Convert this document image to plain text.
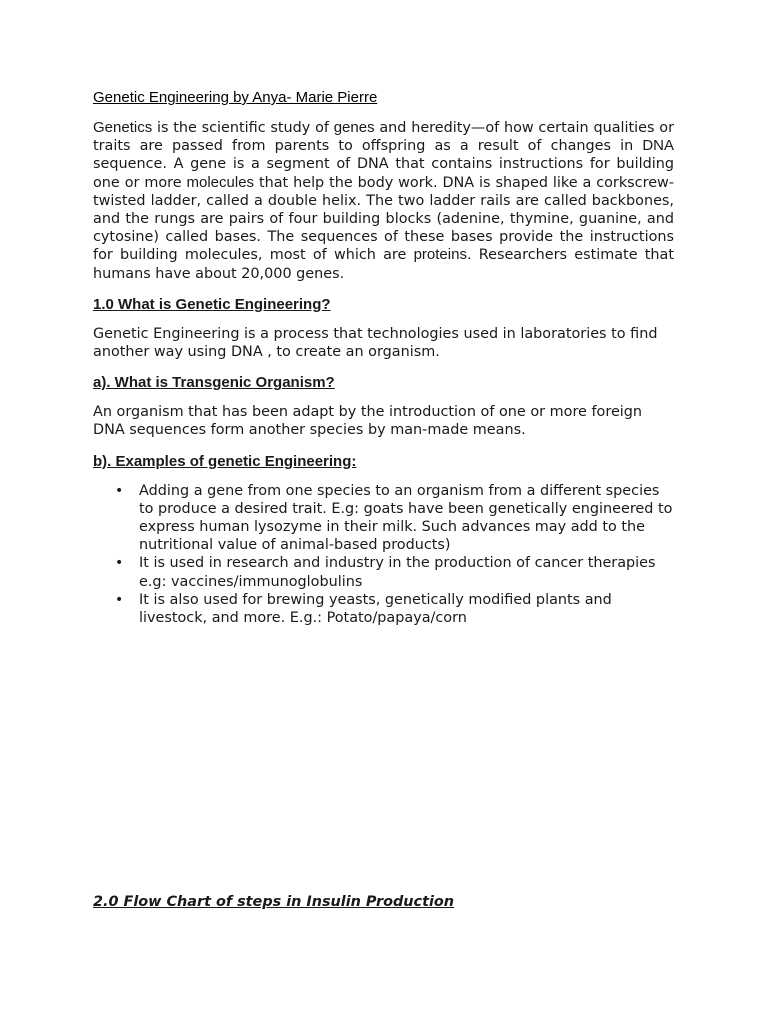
Genetic Engineering by Anya- Marie Pierre

Genetics is the scientific study of genes and heredity—of how certain qualities or traits are passed from parents to offspring as a result of changes in DNA sequence. A gene is a segment of DNA that contains instructions for building one or more molecules that help the body work. DNA is shaped like a corkscrew-twisted ladder, called a double helix. The two ladder rails are called backbones, and the rungs are pairs of four building blocks (adenine, thymine, guanine, and cytosine) called bases. The sequences of these bases provide the instructions for building molecules, most of which are proteins. Researchers estimate that humans have about 20,000 genes.

1.0 What is Genetic Engineering?

Genetic Engineering is a process that technologies used in laboratories to find another way using DNA , to create an organism.

a). What is Transgenic Organism?

An organism that has been adapt by the introduction of one or more foreign DNA sequences form another species by man-made means.

b). Examples of genetic Engineering:

• Adding a gene from one species to an organism from a different species to produce a desired trait. E.g: goats have been genetically engineered to express human lysozyme in their milk. Such advances may add to the nutritional value of animal-based products)
• It is used in research and industry in the production of cancer therapies e.g: vaccines/immunoglobulins
• It is also used for brewing yeasts, genetically modified plants and livestock, and more. E.g.: Potato/papaya/corn

2.0 Flow Chart of steps in Insulin Production
